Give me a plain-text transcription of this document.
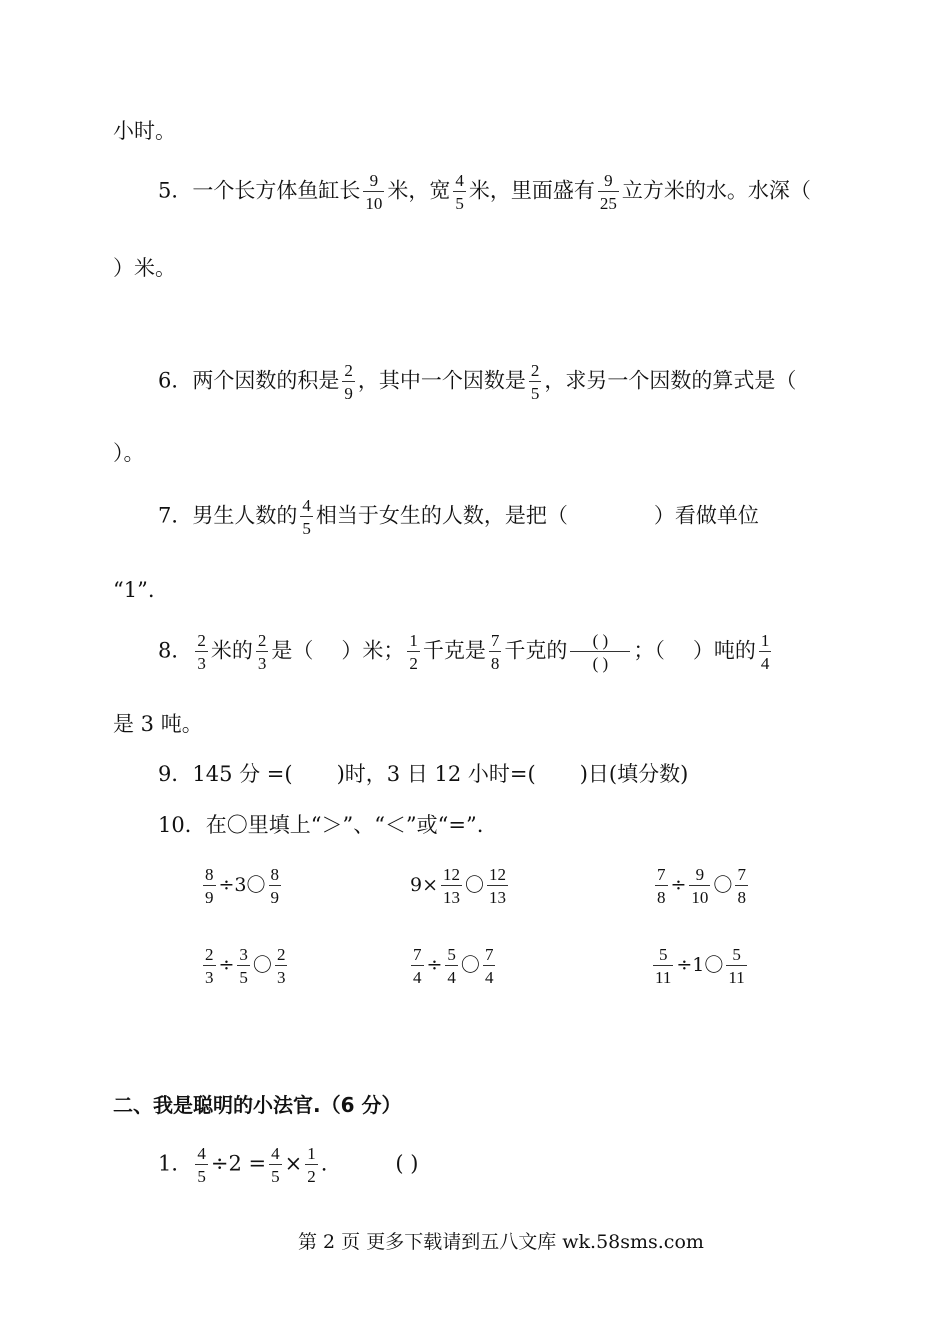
小时。
5．一个长方体鱼缸长 $\frac{9}{10}$ 米，宽 $\frac{4}{5}$ 米，里面盛有 $\frac{9}{25}$ 立方米的水。水深（
）米。
6．两个因数的积是 $\frac{2}{9}$ ，其中一个因数是 $\frac{2}{5}$ ，求另一个因数的算式是（
）。
7．男生人数的 $\frac{4}{5}$ 相当于女生的人数，是把（	）看做单位
“1”.
8． $\frac{2}{3}$ 米的 $\frac{2}{3}$ 是（ ）米； $\frac{1}{2}$ 千克是 $\frac{7}{8}$ 千克的	( )
( )
；（ ）吨的 $\frac{1}{4}$
是 3 吨。
9．145 分 =( )时，3 日 12 小时=( )日(填分数)
10．在〇里填上“＞”、“＜”或“=”.
$\frac{8}{9} \div 3$〇 $\frac{8}{9}$	$9\times \frac{12}{13}$ 〇 $\frac{12}{13}$	$\frac{7}{8} \div \frac{9}{10}$ 〇 $\frac{7}{8}$
$\frac{2}{3} \div \frac{3}{5}$ 〇 $\frac{2}{3}$	$\frac{7}{4} \div \frac{5}{4}$ 〇 $\frac{7}{4}$	$\frac{5}{11} \div 1$〇 $\frac{5}{11}$
二、我是聪明的小法官.（6 分）
1． $\frac{4}{5} \div 2 = \frac{4}{5} \times \frac{1}{2}$ .	( )
第 2 页 更多下载请到五八文库 wk.58sms.com
